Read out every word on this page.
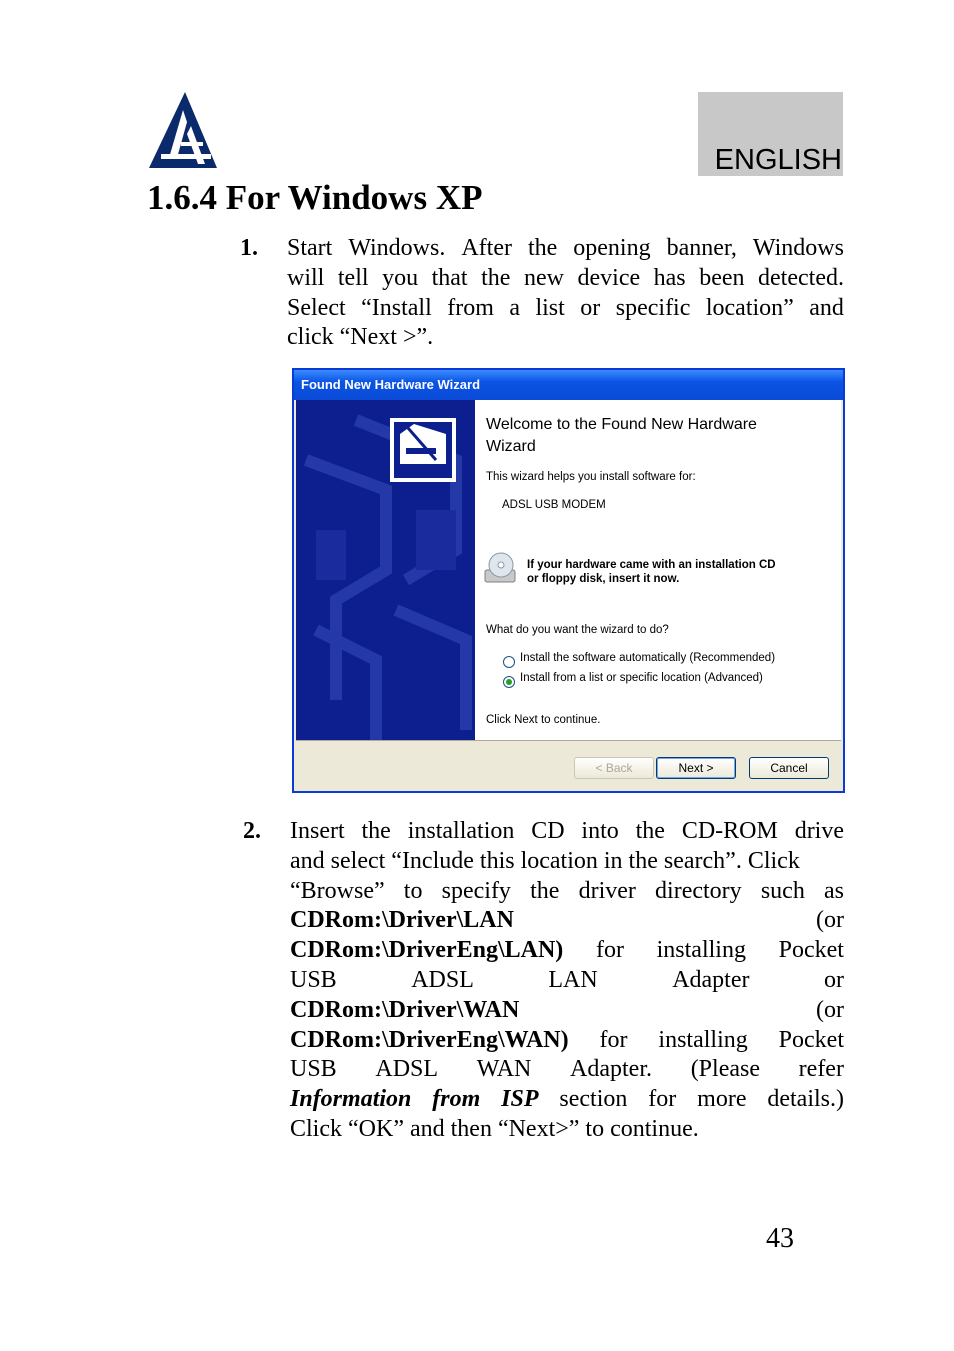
ENGLISH
1.6.4 For Windows XP
1. Start Windows. After the opening banner, Windows
will tell you that the new device has been detected.
Select “Install from a list or specific location” and
click “Next >”.
Found New Hardware Wizard
Welcome to the Found New Hardware Wizard
This wizard helps you install software for:
ADSL USB MODEM
If your hardware came with an installation CD
or floppy disk, insert it now.
What do you want the wizard to do?
Install the software automatically (Recommended)
Install from a list or specific location (Advanced)
Click Next to continue.
< Back	Next >	Cancel
2. Insert the installation CD into the CD-ROM drive
and select “Include this location in the search”. Click
“Browse” to specify the driver directory such as
CDRom:\Driver\LAN	(or
CDRom:\DriverEng\LAN) for installing Pocket
USB	ADSL	LAN	Adapter	or
CDRom:\Driver\WAN	(or
CDRom:\DriverEng\WAN) for installing Pocket
USB ADSL WAN Adapter. (Please refer
Information from ISP section for more details.)
Click “OK” and then “Next>” to continue.
43
